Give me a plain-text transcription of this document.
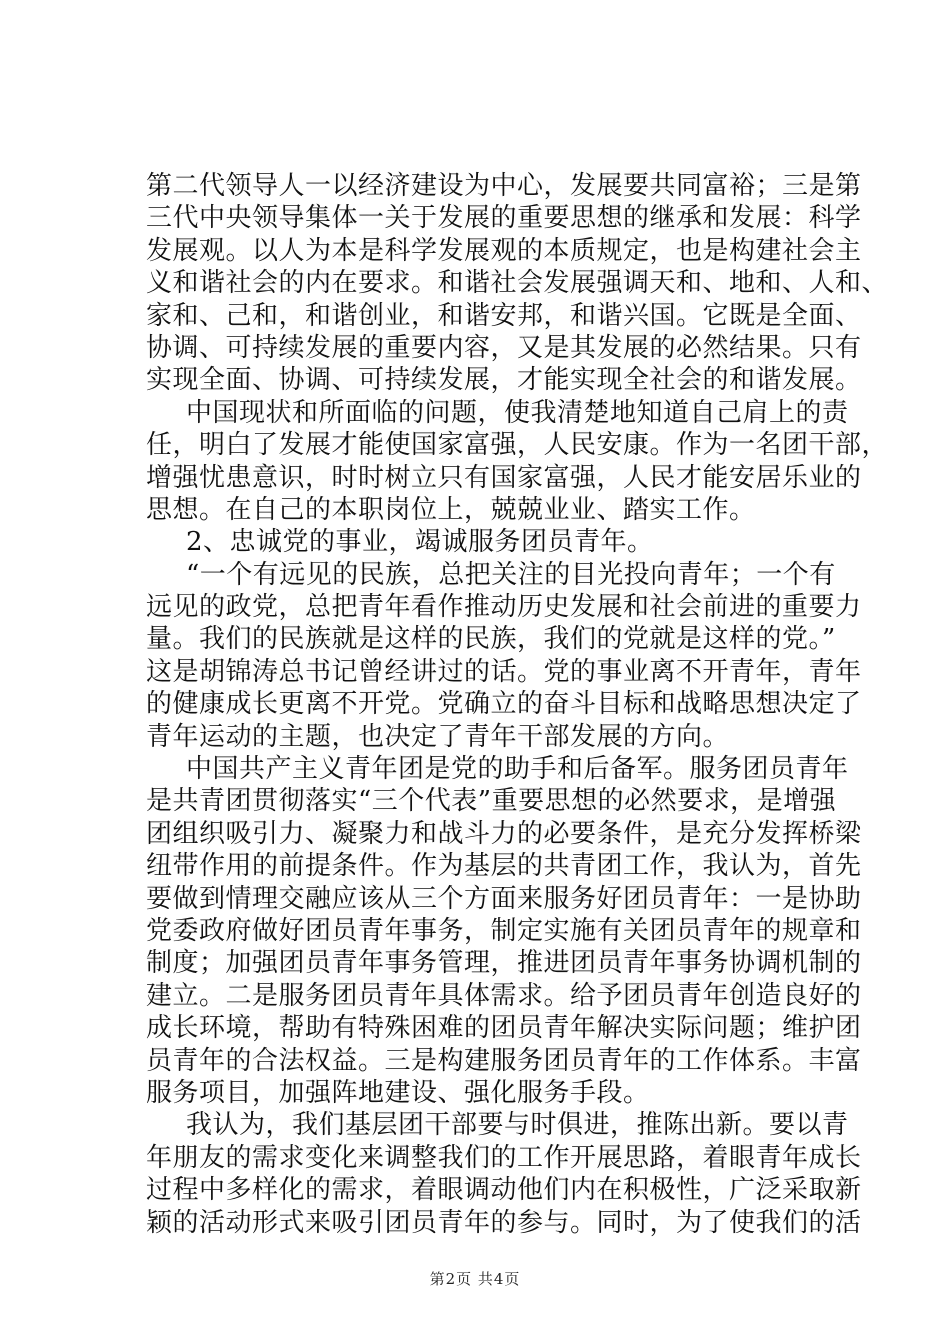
第二代领导人一以经济建设为中心，发展要共同富裕；三是第
三代中央领导集体一关于发展的重要思想的继承和发展：科学
发展观。以人为本是科学发展观的本质规定，也是构建社会主
义和谐社会的内在要求。和谐社会发展强调天和、地和、人和、
家和、己和，和谐创业，和谐安邦，和谐兴国。它既是全面、
协调、可持续发展的重要内容，又是其发展的必然结果。只有
实现全面、协调、可持续发展，才能实现全社会的和谐发展。
中国现状和所面临的问题，使我清楚地知道自己肩上的责
任，明白了发展才能使国家富强，人民安康。作为一名团干部，
增强忧患意识，时时树立只有国家富强，人民才能安居乐业的
思想。在自己的本职岗位上，兢兢业业、踏实工作。
2、忠诚党的事业，竭诚服务团员青年。
“一个有远见的民族，总把关注的目光投向青年；一个有
远见的政党，总把青年看作推动历史发展和社会前进的重要力
量。我们的民族就是这样的民族，我们的党就是这样的党。”
这是胡锦涛总书记曾经讲过的话。党的事业离不开青年，青年
的健康成长更离不开党。党确立的奋斗目标和战略思想决定了
青年运动的主题，也决定了青年干部发展的方向。
中国共产主义青年团是党的助手和后备军。服务团员青年
是共青团贯彻落实“三个代表”重要思想的必然要求，是增强
团组织吸引力、凝聚力和战斗力的必要条件，是充分发挥桥梁
纽带作用的前提条件。作为基层的共青团工作，我认为，首先
要做到情理交融应该从三个方面来服务好团员青年：一是协助
党委政府做好团员青年事务，制定实施有关团员青年的规章和
制度；加强团员青年事务管理，推进团员青年事务协调机制的
建立。二是服务团员青年具体需求。给予团员青年创造良好的
成长环境，帮助有特殊困难的团员青年解决实际问题；维护团
员青年的合法权益。三是构建服务团员青年的工作体系。丰富
服务项目，加强阵地建设、强化服务手段。
我认为，我们基层团干部要与时俱进，推陈出新。要以青
年朋友的需求变化来调整我们的工作开展思路，着眼青年成长
过程中多样化的需求，着眼调动他们内在积极性，广泛采取新
颖的活动形式来吸引团员青年的参与。同时，为了使我们的活
第2页 共4页
